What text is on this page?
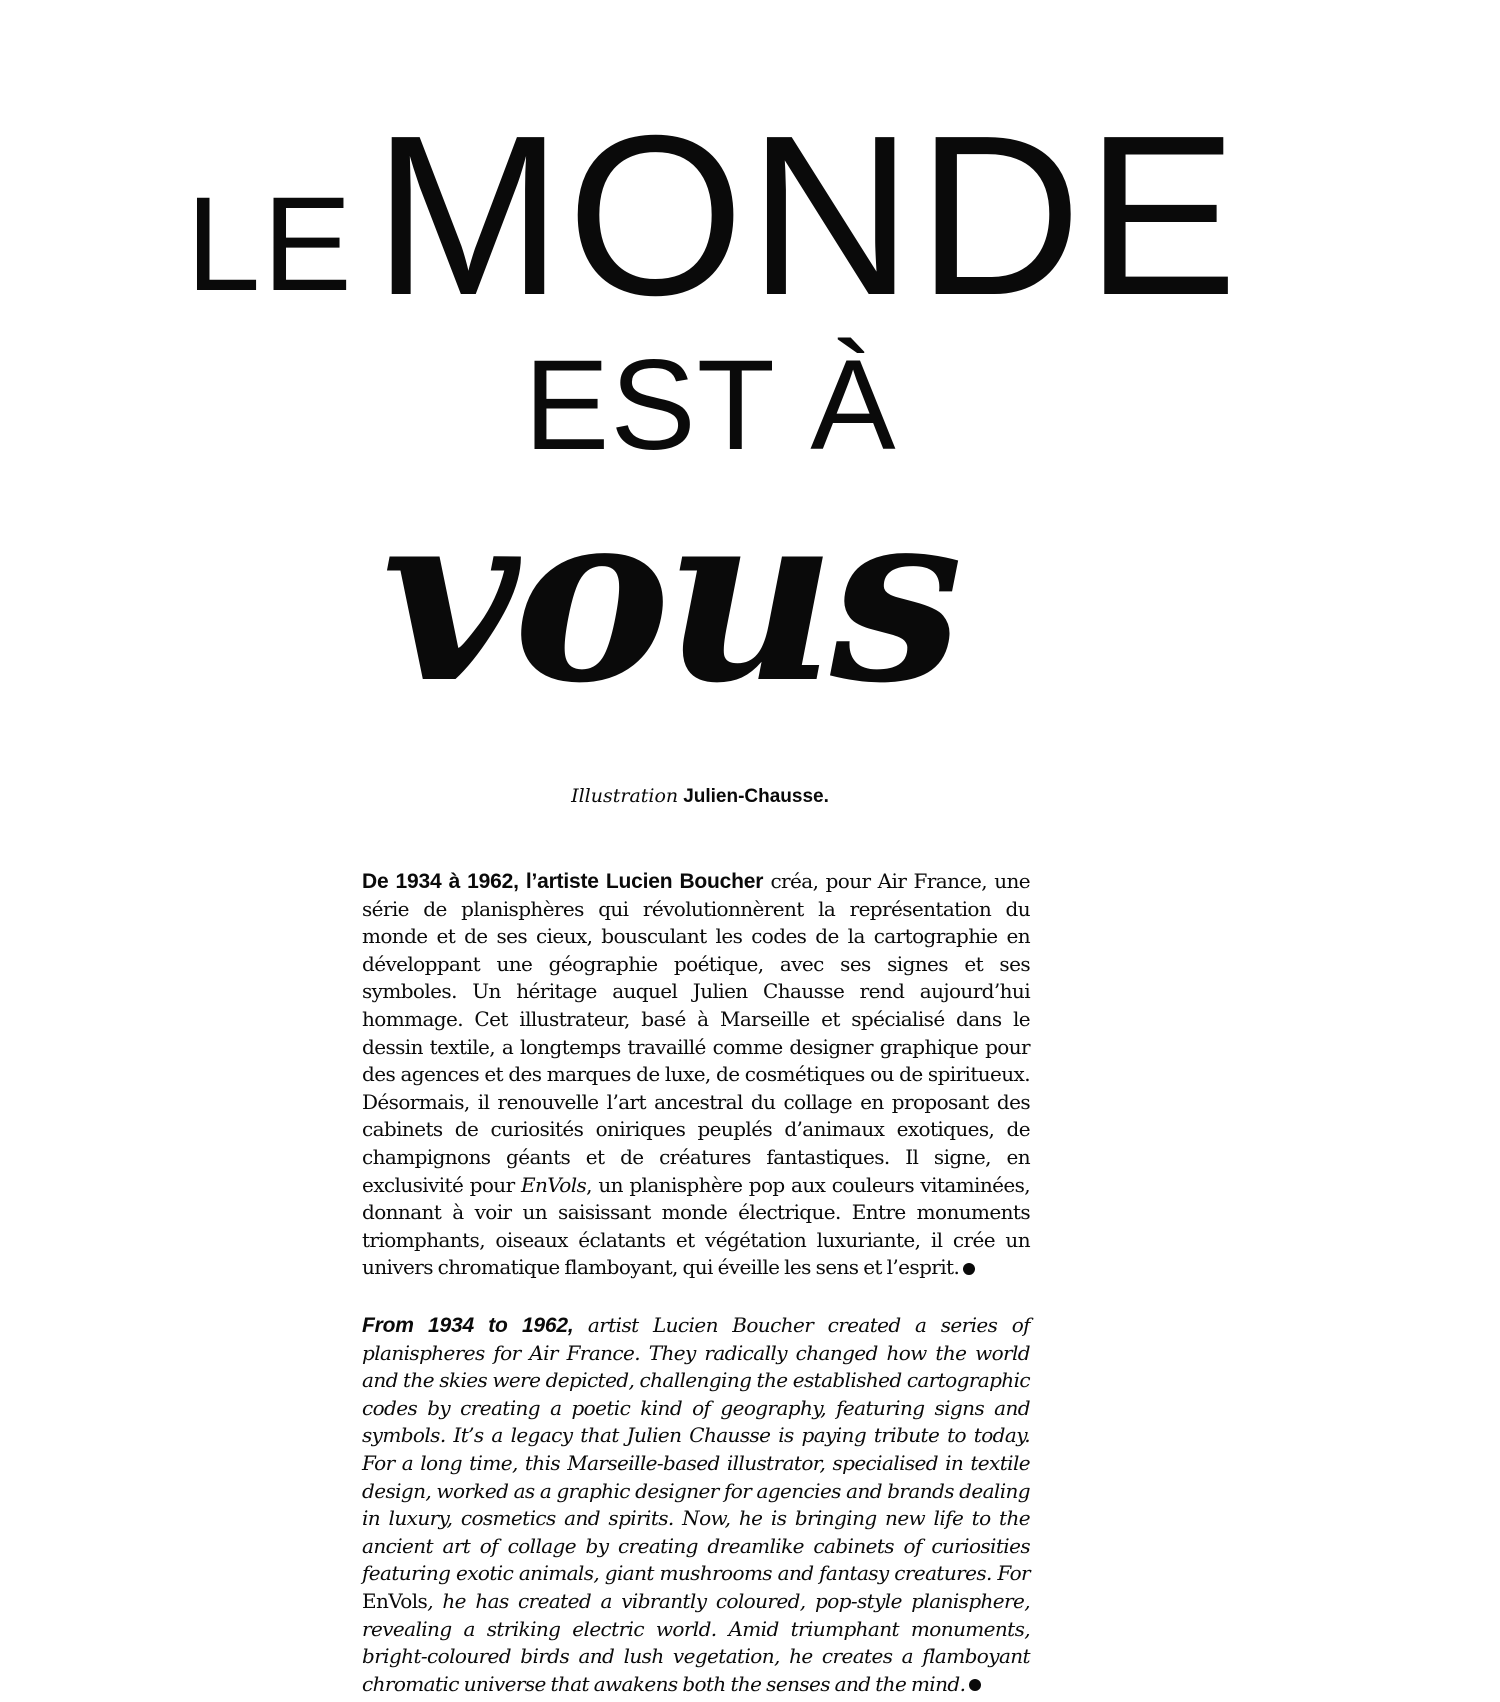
LE MONDE
EST À
vous
Illustration Julien-Chausse.

De 1934 à 1962, l’artiste Lucien Boucher créa, pour Air France, une série de planisphères qui révolutionnèrent la représentation du monde et de ses cieux, bousculant les codes de la cartographie en développant une géographie poétique, avec ses signes et ses symboles. Un héritage auquel Julien Chausse rend aujourd’hui hommage. Cet illustrateur, basé à Marseille et spécialisé dans le dessin textile, a longtemps travaillé comme designer graphique pour des agences et des marques de luxe, de cosmétiques ou de spiritueux. Désormais, il renouvelle l’art ancestral du collage en proposant des cabinets de curiosités oniriques peuplés d’animaux exotiques, de champignons géants et de créatures fantastiques. Il signe, en exclusivité pour EnVols, un planisphère pop aux couleurs vitaminées, donnant à voir un saisissant monde électrique. Entre monuments triomphants, oiseaux éclatants et végétation luxuriante, il crée un univers chromatique flamboyant, qui éveille les sens et l’esprit.

From 1934 to 1962, artist Lucien Boucher created a series of planispheres for Air France. They radically changed how the world and the skies were depicted, challenging the established cartographic codes by creating a poetic kind of geography, featuring signs and symbols. It’s a legacy that Julien Chausse is paying tribute to today. For a long time, this Marseille-based illustrator, specialised in textile design, worked as a graphic designer for agencies and brands dealing in luxury, cosmetics and spirits. Now, he is bringing new life to the ancient art of collage by creating dreamlike cabinets of curiosities featuring exotic animals, giant mushrooms and fantasy creatures. For EnVols, he has created a vibrantly coloured, pop-style planisphere, revealing a striking electric world. Amid triumphant monuments, bright-coloured birds and lush vegetation, he creates a flamboyant chromatic universe that awakens both the senses and the mind.
